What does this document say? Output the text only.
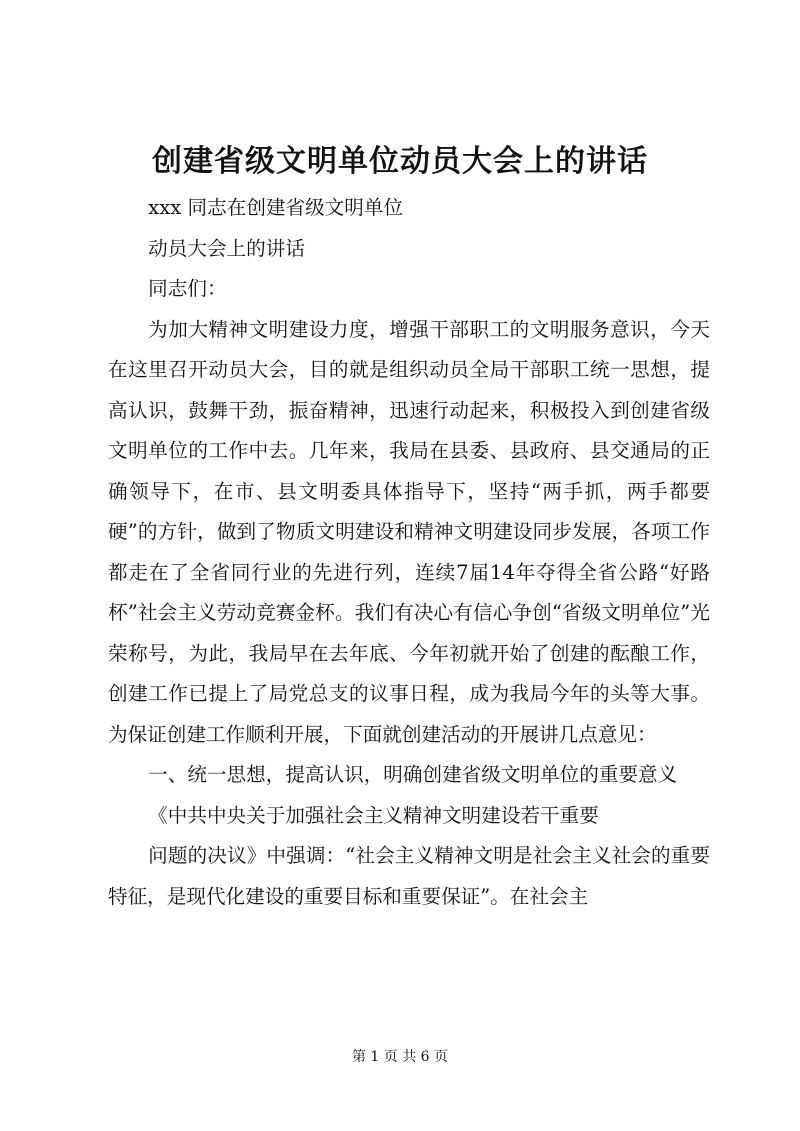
创建省级文明单位动员大会上的讲话

xxx 同志在创建省级文明单位

动员大会上的讲话

同志们：

为加大精神文明建设力度，增强干部职工的文明服务意识，今天在这里召开动员大会，目的就是组织动员全局干部职工统一思想，提高认识，鼓舞干劲，振奋精神，迅速行动起来，积极投入到创建省级文明单位的工作中去。几年来，我局在县委、县政府、县交通局的正确领导下，在市、县文明委具体指导下，坚持“两手抓，两手都要硬”的方针，做到了物质文明建设和精神文明建设同步发展，各项工作都走在了全省同行业的先进行列，连续7届14年夺得全省公路“好路杯”社会主义劳动竞赛金杯。我们有决心有信心争创“省级文明单位”光荣称号，为此，我局早在去年底、今年初就开始了创建的酝酿工作，创建工作已提上了局党总支的议事日程，成为我局今年的头等大事。为保证创建工作顺利开展，下面就创建活动的开展讲几点意见：

一、统一思想，提高认识，明确创建省级文明单位的重要意义

《中共中央关于加强社会主义精神文明建设若干重要

问题的决议》中强调：“社会主义精神文明是社会主义社会的重要特征，是现代化建设的重要目标和重要保证”。在社会主

第 1 页 共 6 页
